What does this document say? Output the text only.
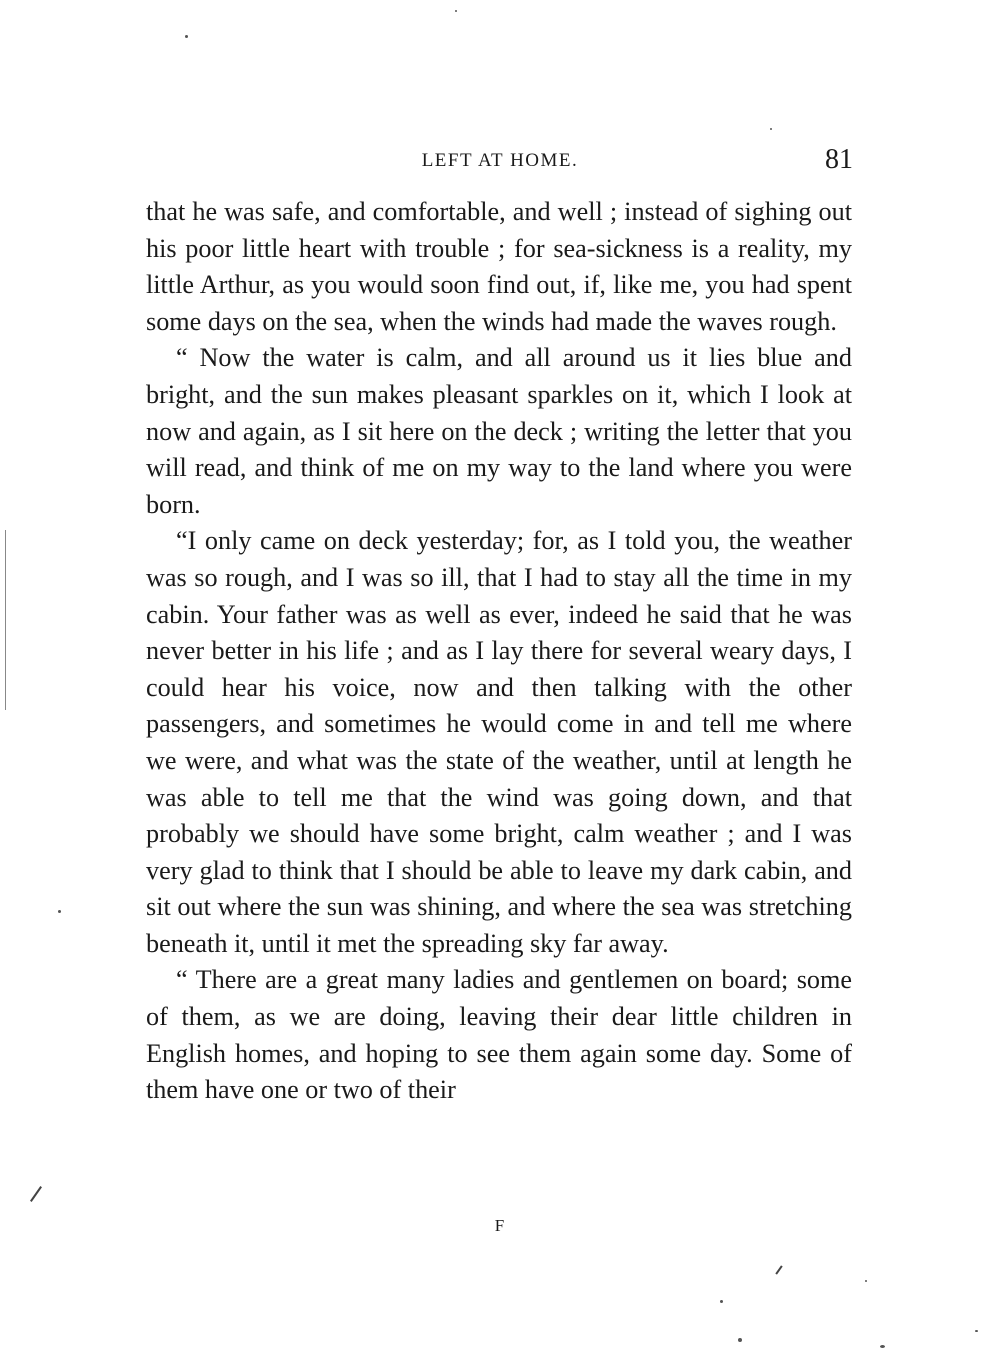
LEFT AT HOME.	81

that he was safe, and comfortable, and well ; instead of sighing out his poor little heart with trouble ; for sea-sickness is a reality, my little Arthur, as you would soon find out, if, like me, you had spent some days on the sea, when the winds had made the waves rough.

“ Now the water is calm, and all around us it lies blue and bright, and the sun makes pleasant sparkles on it, which I look at now and again, as I sit here on the deck ; writing the letter that you will read, and think of me on my way to the land where you were born.

“I only came on deck yesterday; for, as I told you, the weather was so rough, and I was so ill, that I had to stay all the time in my cabin. Your father was as well as ever, indeed he said that he was never better in his life ; and as I lay there for several weary days, I could hear his voice, now and then talking with the other passengers, and sometimes he would come in and tell me where we were, and what was the state of the weather, until at length he was able to tell me that the wind was going down, and that probably we should have some bright, calm weather ; and I was very glad to think that I should be able to leave my dark cabin, and sit out where the sun was shining, and where the sea was stretching beneath it, until it met the spreading sky far away.

“ There are a great many ladies and gentlemen on board; some of them, as we are doing, leaving their dear little children in English homes, and hoping to see them again some day. Some of them have one or two of their

F
